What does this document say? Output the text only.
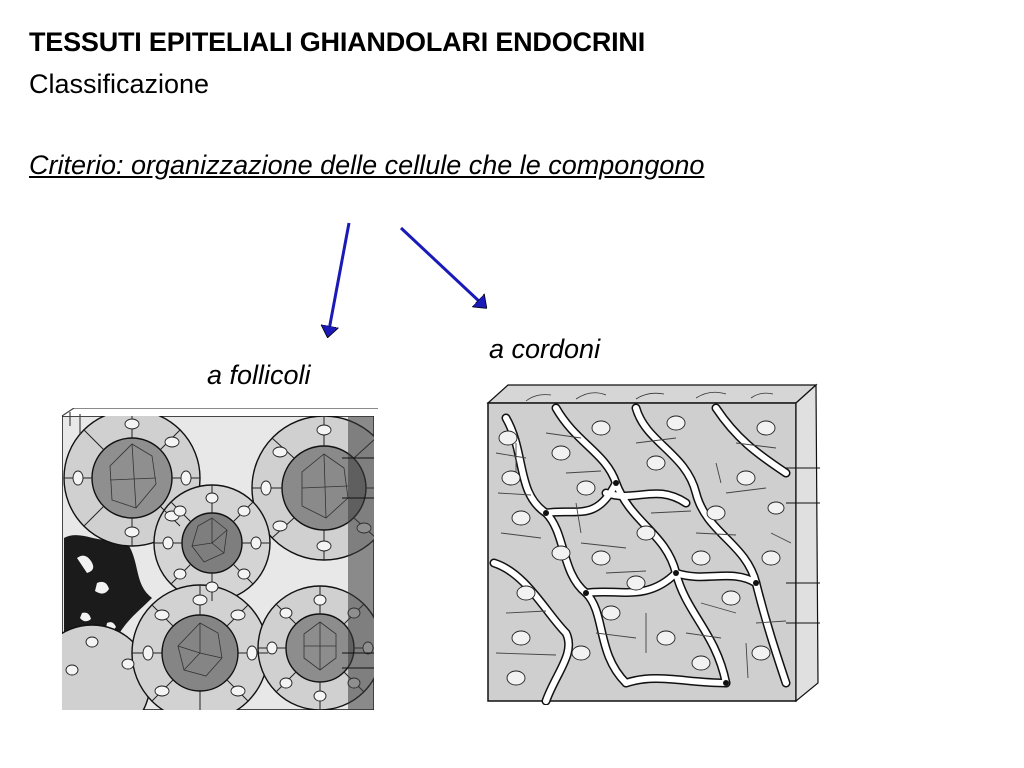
TESSUTI EPITELIALI GHIANDOLARI ENDOCRINI
Classificazione
Criterio: organizzazione delle cellule che le compongono
a follicoli
a cordoni
